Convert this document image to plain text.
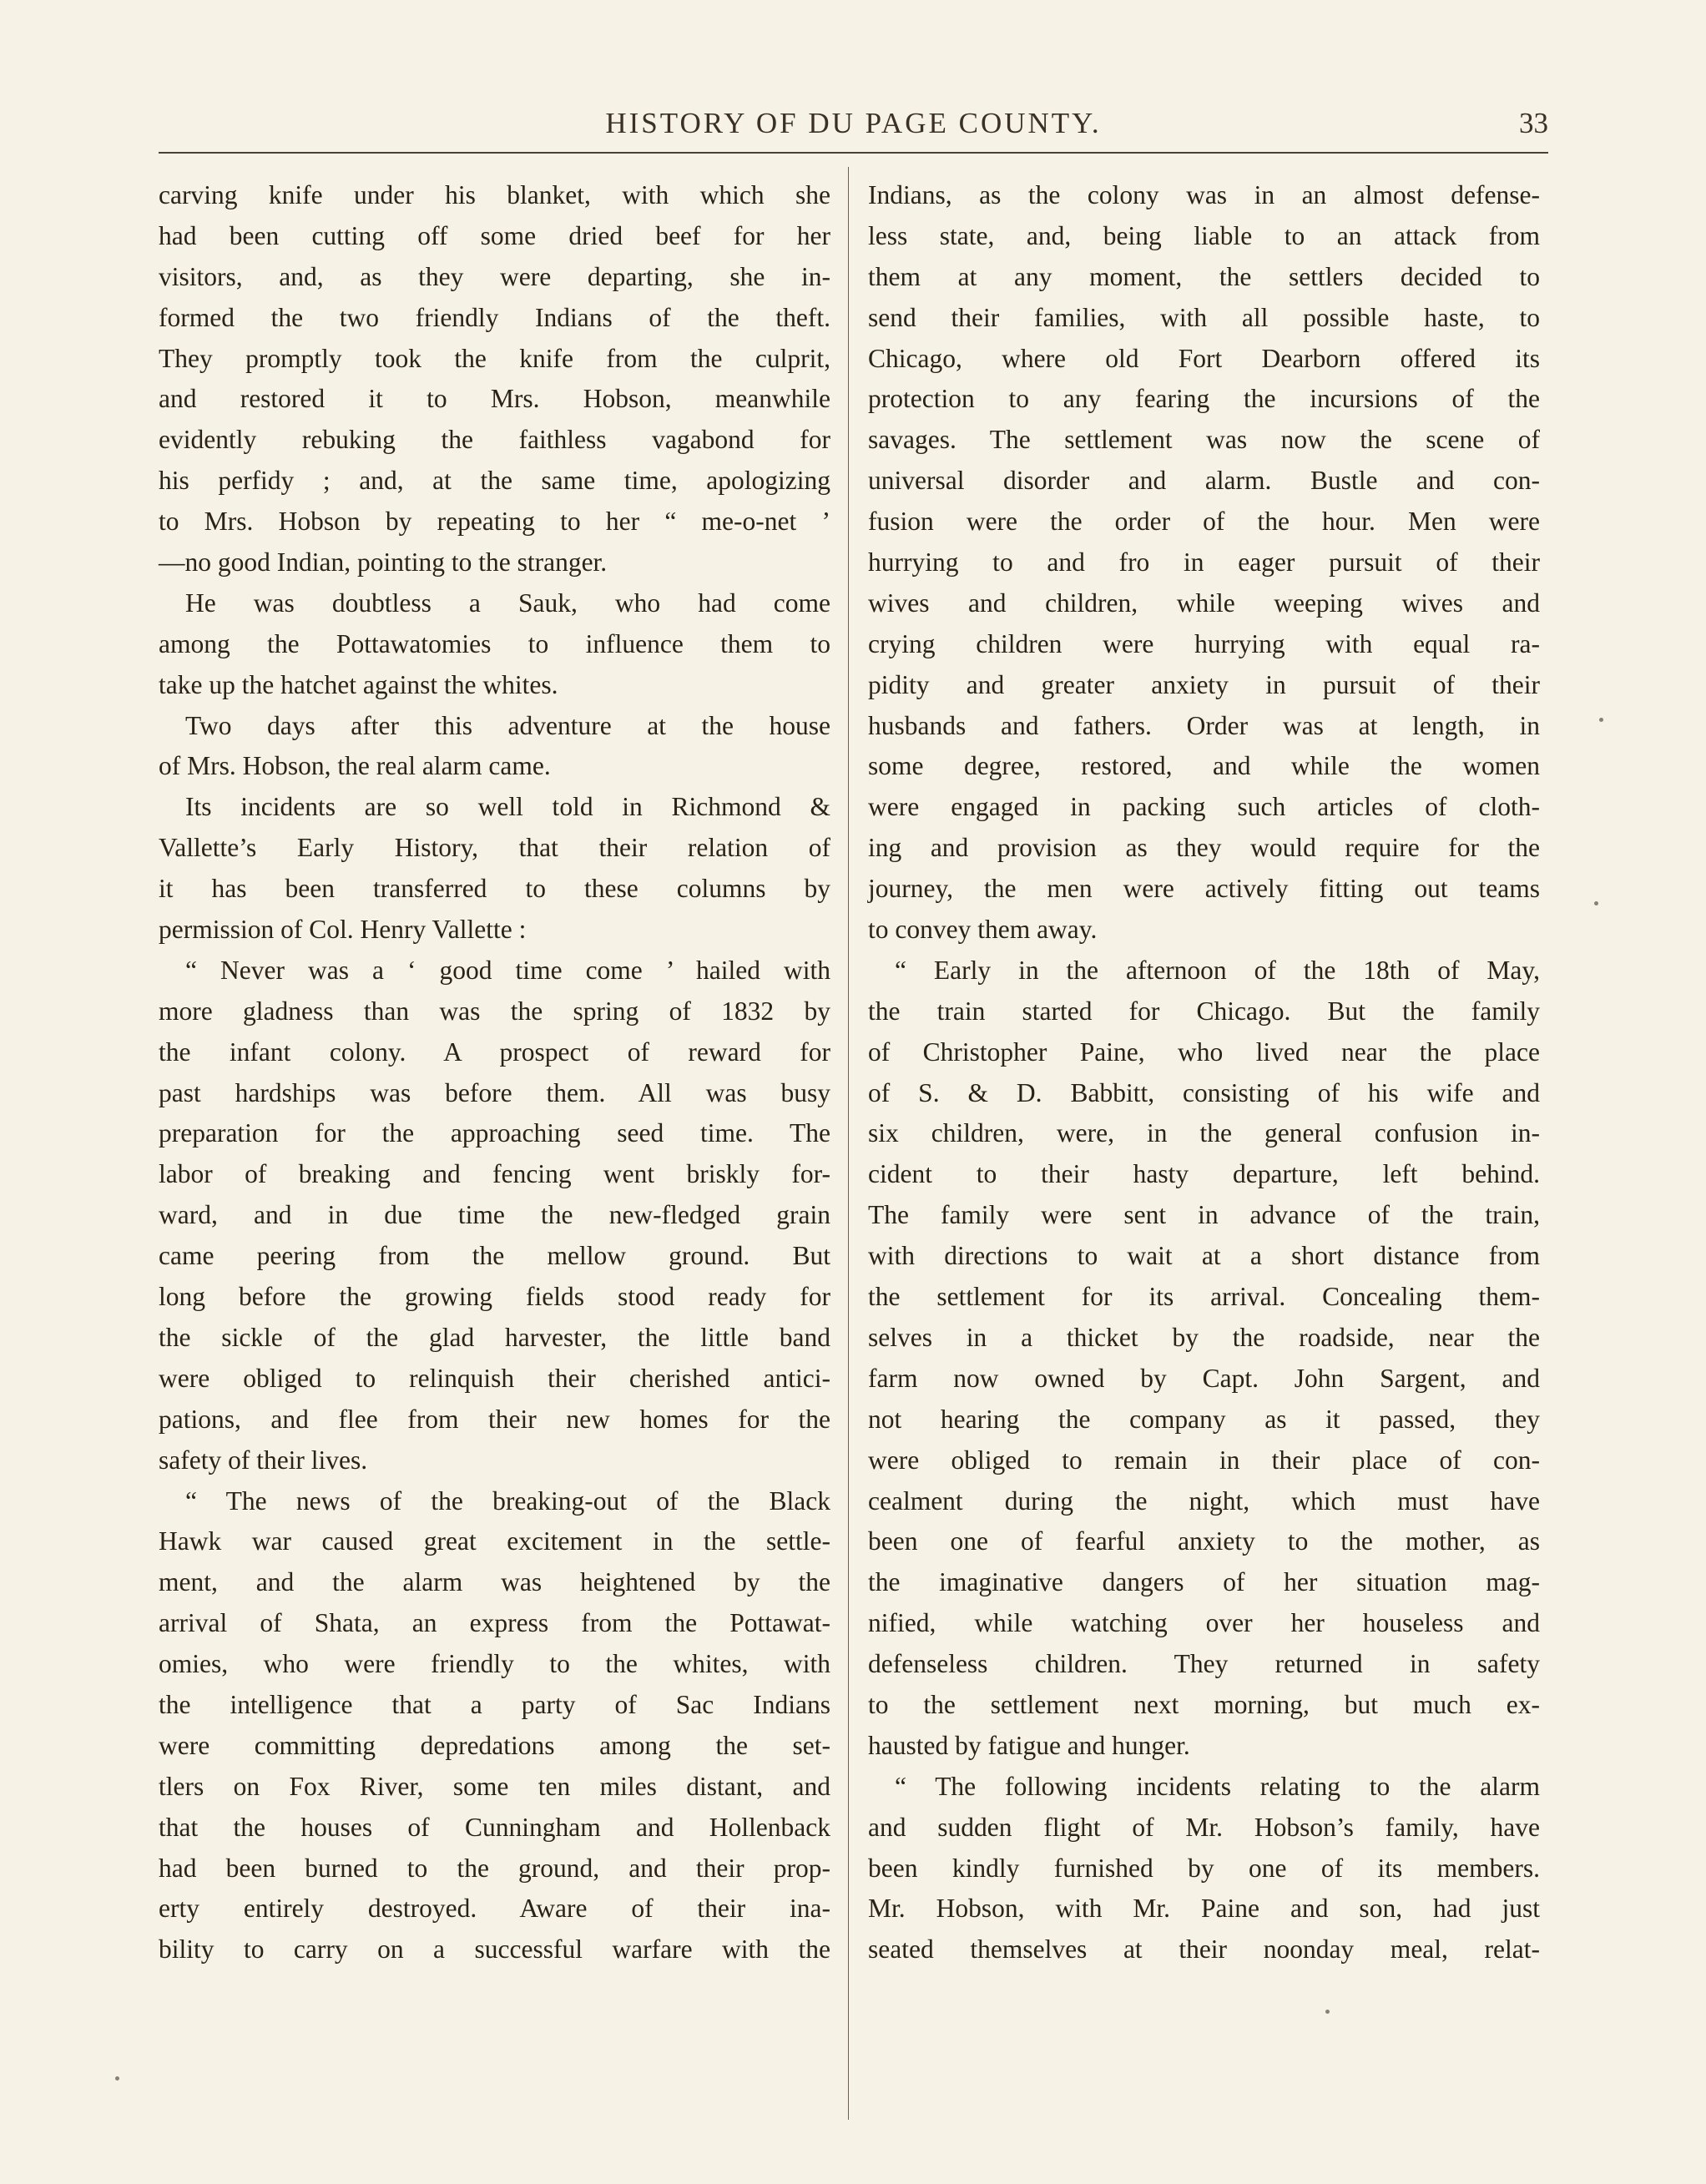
HISTORY OF DU PAGE COUNTY.	33
carving knife under his blanket, with which she
had been cutting off some dried beef for her
visitors, and, as they were departing, she in-
formed the two friendly Indians of the theft.
They promptly took the knife from the culprit,
and restored it to Mrs. Hobson, meanwhile
evidently rebuking the faithless vagabond for
his perfidy ; and, at the same time, apologizing
to Mrs. Hobson by repeating to her “ me-o-net ’
—no good Indian, pointing to the stranger.
He was doubtless a Sauk, who had come
among the Pottawatomies to influence them to
take up the hatchet against the whites.
Two days after this adventure at the house
of Mrs. Hobson, the real alarm came.
Its incidents are so well told in Richmond &
Vallette’s Early History, that their relation of
it has been transferred to these columns by
permission of Col. Henry Vallette :
“ Never was a ‘ good time come ’ hailed with
more gladness than was the spring of 1832 by
the infant colony. A prospect of reward for
past hardships was before them. All was busy
preparation for the approaching seed time. The
labor of breaking and fencing went briskly for-
ward, and in due time the new-fledged grain
came peering from the mellow ground. But
long before the growing fields stood ready for
the sickle of the glad harvester, the little band
were obliged to relinquish their cherished antici-
pations, and flee from their new homes for the
safety of their lives.
“ The news of the breaking-out of the Black
Hawk war caused great excitement in the settle-
ment, and the alarm was heightened by the
arrival of Shata, an express from the Pottawat-
omies, who were friendly to the whites, with
the intelligence that a party of Sac Indians
were committing depredations among the set-
tlers on Fox River, some ten miles distant, and
that the houses of Cunningham and Hollenback
had been burned to the ground, and their prop-
erty entirely destroyed. Aware of their ina-
bility to carry on a successful warfare with the
Indians, as the colony was in an almost defense-
less state, and, being liable to an attack from
them at any moment, the settlers decided to
send their families, with all possible haste, to
Chicago, where old Fort Dearborn offered its
protection to any fearing the incursions of the
savages. The settlement was now the scene of
universal disorder and alarm. Bustle and con-
fusion were the order of the hour. Men were
hurrying to and fro in eager pursuit of their
wives and children, while weeping wives and
crying children were hurrying with equal ra-
pidity and greater anxiety in pursuit of their
husbands and fathers. Order was at length, in
some degree, restored, and while the women
were engaged in packing such articles of cloth-
ing and provision as they would require for the
journey, the men were actively fitting out teams
to convey them away.
“ Early in the afternoon of the 18th of May,
the train started for Chicago. But the family
of Christopher Paine, who lived near the place
of S. & D. Babbitt, consisting of his wife and
six children, were, in the general confusion in-
cident to their hasty departure, left behind.
The family were sent in advance of the train,
with directions to wait at a short distance from
the settlement for its arrival. Concealing them-
selves in a thicket by the roadside, near the
farm now owned by Capt. John Sargent, and
not hearing the company as it passed, they
were obliged to remain in their place of con-
cealment during the night, which must have
been one of fearful anxiety to the mother, as
the imaginative dangers of her situation mag-
nified, while watching over her houseless and
defenseless children. They returned in safety
to the settlement next morning, but much ex-
hausted by fatigue and hunger.
“ The following incidents relating to the alarm
and sudden flight of Mr. Hobson’s family, have
been kindly furnished by one of its members.
Mr. Hobson, with Mr. Paine and son, had just
seated themselves at their noonday meal, relat-
